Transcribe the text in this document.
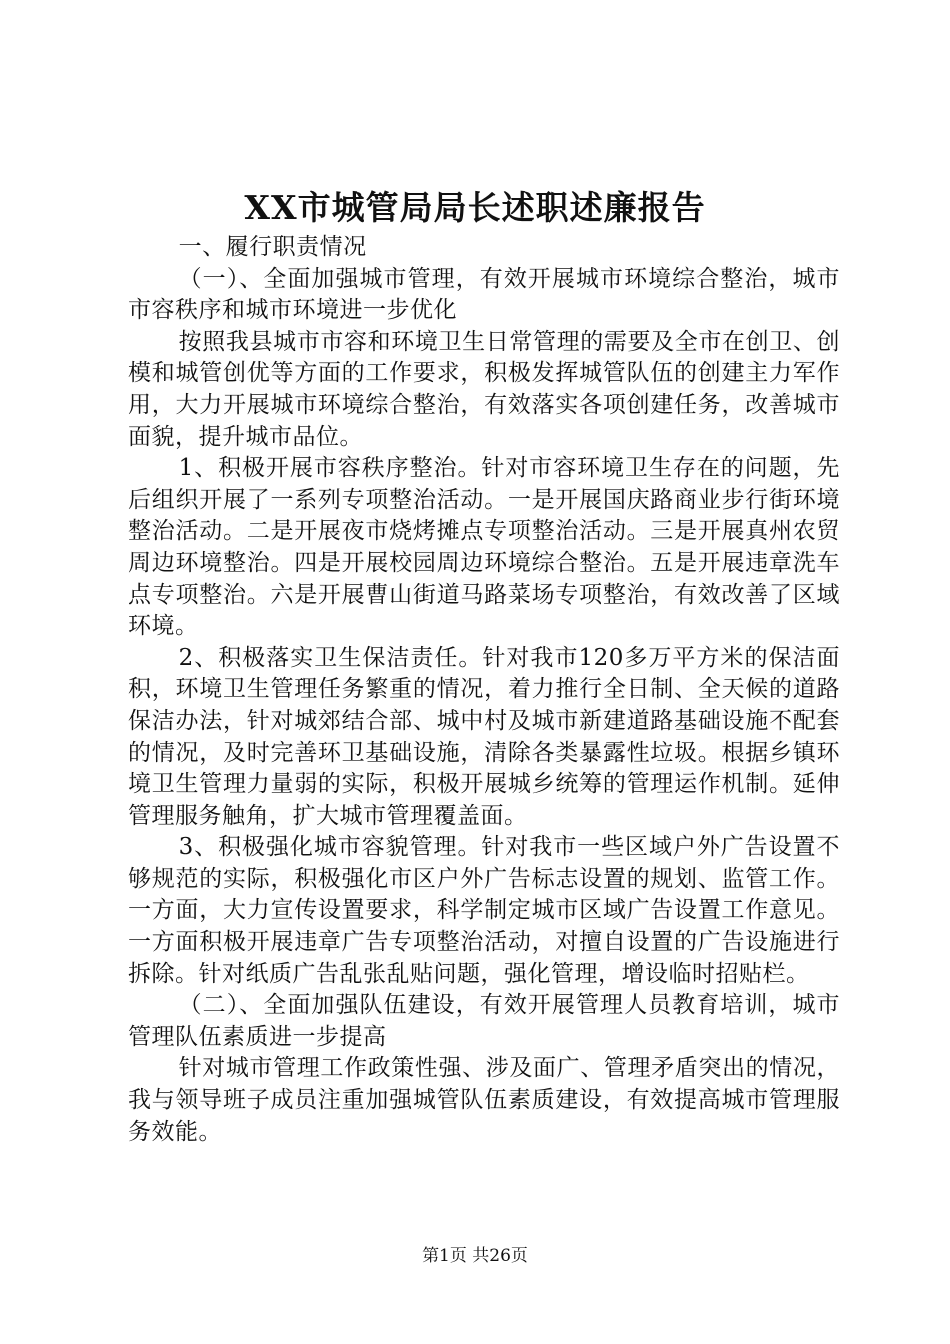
XX市城管局局长述职述廉报告

一、履行职责情况

（一）、全面加强城市管理，有效开展城市环境综合整治，城市市容秩序和城市环境进一步优化

按照我县城市市容和环境卫生日常管理的需要及全市在创卫、创模和城管创优等方面的工作要求，积极发挥城管队伍的创建主力军作用，大力开展城市环境综合整治，有效落实各项创建任务，改善城市面貌，提升城市品位。

1、积极开展市容秩序整治。针对市容环境卫生存在的问题，先后组织开展了一系列专项整治活动。一是开展国庆路商业步行街环境整治活动。二是开展夜市烧烤摊点专项整治活动。三是开展真州农贸周边环境整治。四是开展校园周边环境综合整治。五是开展违章洗车点专项整治。六是开展曹山街道马路菜场专项整治，有效改善了区域环境。

2、积极落实卫生保洁责任。针对我市120多万平方米的保洁面积，环境卫生管理任务繁重的情况，着力推行全日制、全天候的道路保洁办法，针对城郊结合部、城中村及城市新建道路基础设施不配套的情况，及时完善环卫基础设施，清除各类暴露性垃圾。根据乡镇环境卫生管理力量弱的实际，积极开展城乡统筹的管理运作机制。延伸管理服务触角，扩大城市管理覆盖面。

3、积极强化城市容貌管理。针对我市一些区域户外广告设置不够规范的实际，积极强化市区户外广告标志设置的规划、监管工作。一方面，大力宣传设置要求，科学制定城市区域广告设置工作意见。一方面积极开展违章广告专项整治活动，对擅自设置的广告设施进行拆除。针对纸质广告乱张乱贴问题，强化管理，增设临时招贴栏。

（二）、全面加强队伍建设，有效开展管理人员教育培训，城市管理队伍素质进一步提高

针对城市管理工作政策性强、涉及面广、管理矛盾突出的情况，我与领导班子成员注重加强城管队伍素质建设，有效提高城市管理服务效能。

第1页 共26页
